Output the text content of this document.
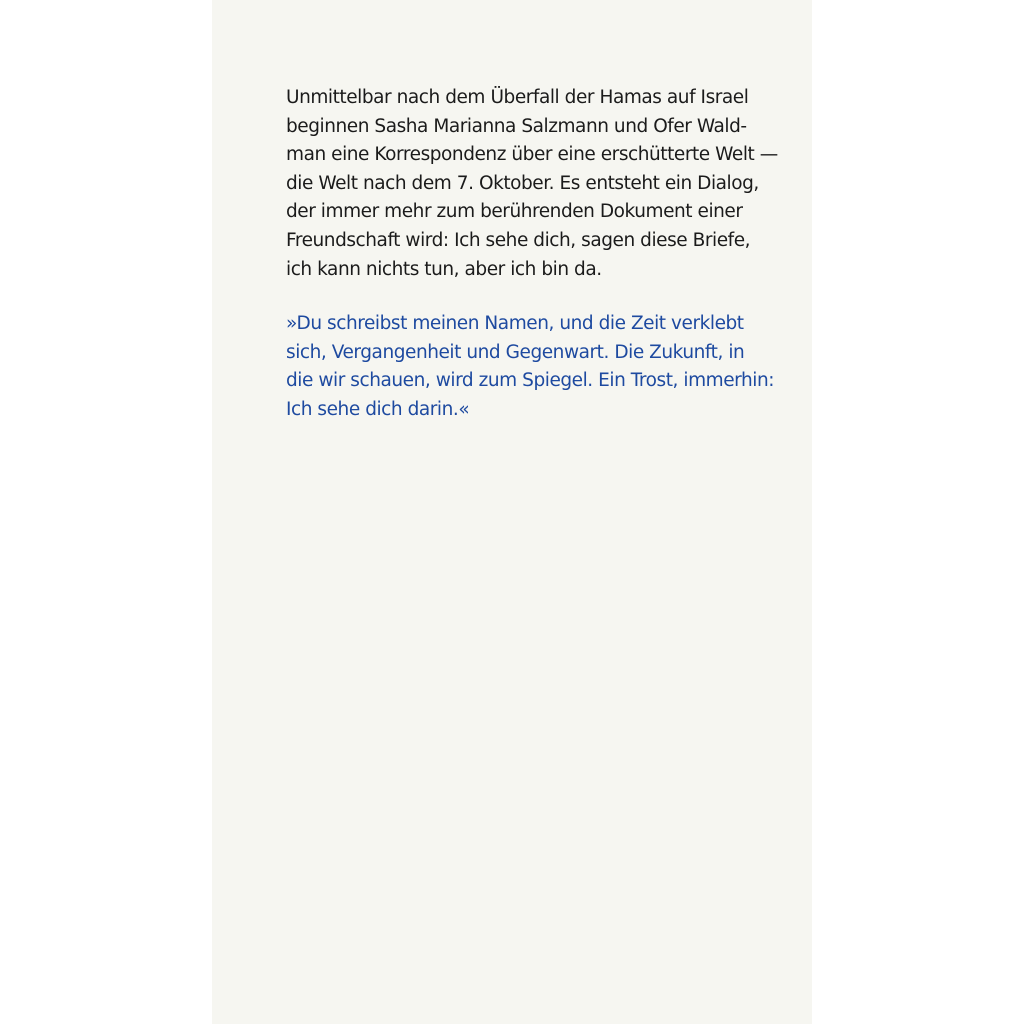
Unmittelbar nach dem Überfall der Hamas auf Israel
beginnen Sasha Marianna Salzmann und Ofer Wald-
man eine Korrespondenz über eine erschütterte Welt —
die Welt nach dem 7. Oktober. Es entsteht ein Dialog,
der immer mehr zum berührenden Dokument einer
Freundschaft wird: Ich sehe dich, sagen diese Briefe,
ich kann nichts tun, aber ich bin da.
»Du schreibst meinen Namen, und die Zeit verklebt
sich, Vergangenheit und Gegenwart. Die Zukunft, in
die wir schauen, wird zum Spiegel. Ein Trost, immerhin:
Ich sehe dich darin.«
